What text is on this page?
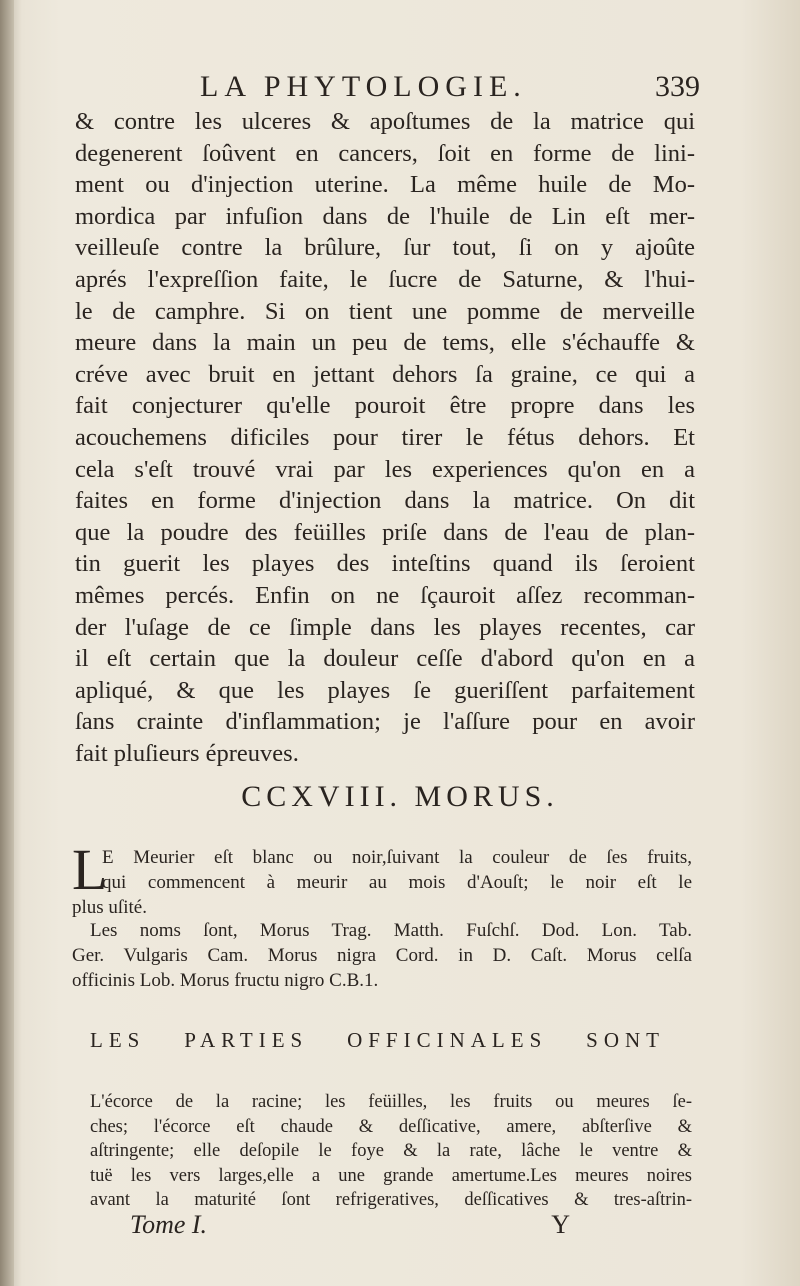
LA PHYTOLOGIE.	339
& contre les ulceres & apoſtumes de la matrice qui
degenerent ſoûvent en cancers, ſoit en forme de lini-
ment ou d'injection uterine. La même huile de Mo-
mordica par infuſion dans de l'huile de Lin eſt mer-
veilleuſe contre la brûlure, ſur tout, ſi on y ajoûte
aprés l'expreſſion faite, le ſucre de Saturne, & l'hui-
le de camphre. Si on tient une pomme de merveille
meure dans la main un peu de tems, elle s'échauffe &
créve avec bruit en jettant dehors ſa graine, ce qui a
fait conjecturer qu'elle pouroit être propre dans les
acouchemens dificiles pour tirer le fétus dehors. Et
cela s'eſt trouvé vrai par les experiences qu'on en a
faites en forme d'injection dans la matrice. On dit
que la poudre des feüilles priſe dans de l'eau de plan-
tin guerit les playes des inteſtins quand ils ſeroient
mêmes percés. Enfin on ne ſçauroit aſſez recomman-
der l'uſage de ce ſimple dans les playes recentes, car
il eſt certain que la douleur ceſſe d'abord qu'on en a
apliqué, & que les playes ſe gueriſſent parfaitement
ſans crainte d'inflammation; je l'aſſure pour en avoir
fait pluſieurs épreuves.
CCXVIII. MORUS.
L
E Meurier eſt blanc ou noir,ſuivant la couleur de ſes fruits,
qui commencent à meurir au mois d'Aouſt; le noir eſt le
plus uſité.
Les noms ſont, Morus Trag. Matth. Fuſchſ. Dod. Lon. Tab.
Ger. Vulgaris Cam. Morus nigra Cord. in D. Caſt. Morus celſa
officinis Lob. Morus fructu nigro C.B.1.
LES PARTIES OFFICINALES SONT
L'écorce de la racine; les feüilles, les fruits ou meures ſe-
ches; l'écorce eſt chaude & deſſicative, amere, abſterſive &
aſtringente; elle deſopile le foye & la rate, lâche le ventre &
tuë les vers larges,elle a une grande amertume.Les meures noires
avant la maturité ſont refrigeratives, deſſicatives & tres-aſtrin-
Tome I.	Y
